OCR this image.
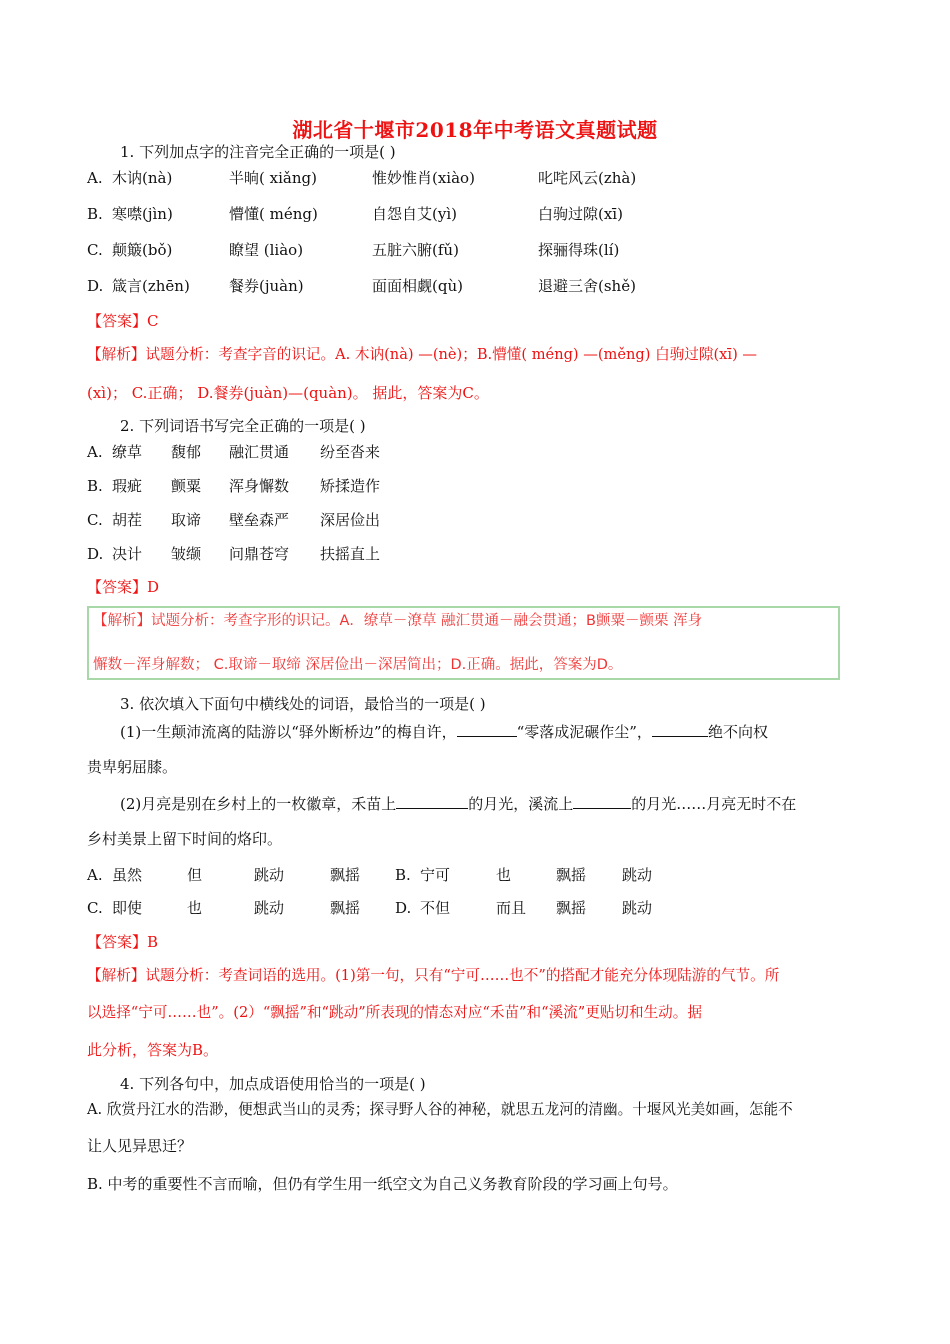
湖北省十堰市2018年中考语文真题试题
1. 下列加点字的注音完全正确的一项是( )
A. 木讷(nà)	半晌( xiǎng)	惟妙惟肖(xiào)	叱咤风云(zhà)
B. 寒噤(jìn)	懵懂( méng)	自怨自艾(yì)	白驹过隙(xī)
C. 颠簸(bǒ)	瞭望 (liào)	五脏六腑(fǔ)	探骊得珠(lí)
D. 箴言(zhēn)	餐券(juàn)	面面相觑(qù)	退避三舍(shě)
【答案】C
【解析】试题分析：考查字音的识记。A. 木讷(nà) —(nè)；B.懵懂( méng) —(měng) 白驹过隙(xī) —
(xì)； C.正确； D.餐券(juàn)—(quàn)。 据此，答案为C。
2. 下列词语书写完全正确的一项是( )
A. 缭草 馥郁 融汇贯通 纷至沓来
B. 瑕疵 颤粟 浑身懈数 矫揉造作
C. 胡茬 取谛 壁垒森严 深居俭出
D. 决计 皱缬 问鼎苍穹 扶摇直上
【答案】D
【解析】试题分析：考查字形的识记。A．缭草－潦草 融汇贯通－融会贯通；B颤粟－颤栗 浑身
懈数－浑身解数； C.取谛－取缔 深居俭出－深居简出；D.正确。据此，答案为D。
3. 依次填入下面句中横线处的词语，最恰当的一项是( )
(1)一生颠沛流离的陆游以“驿外断桥边”的梅自许，	“零落成泥碾作尘”，	绝不向权
贵卑躬屈膝。
(2)月亮是别在乡村上的一枚徽章，禾苗上	的月光，溪流上	的月光……月亮无时不在
乡村美景上留下时间的烙印。
A. 虽然	但	跳动	飘摇 B. 宁可	也	飘摇 跳动
C. 即使	也	跳动	飘摇 D. 不但	而且 飘摇 跳动
【答案】B
【解析】试题分析：考查词语的选用。(1)第一句，只有“宁可……也不”的搭配才能充分体现陆游的气节。所
以选择“宁可……也”。(2）“飘摇”和“跳动”所表现的情态对应“禾苗”和“溪流”更贴切和生动。据
此分析，答案为B。
4. 下列各句中，加点成语使用恰当的一项是( )
A. 欣赏丹江水的浩渺，便想武当山的灵秀；探寻野人谷的神秘，就思五龙河的清幽。十堰风光美如画，怎能不
让人见异思迁？
B. 中考的重要性不言而喻，但仍有学生用一纸空文为自己义务教育阶段的学习画上句号。
